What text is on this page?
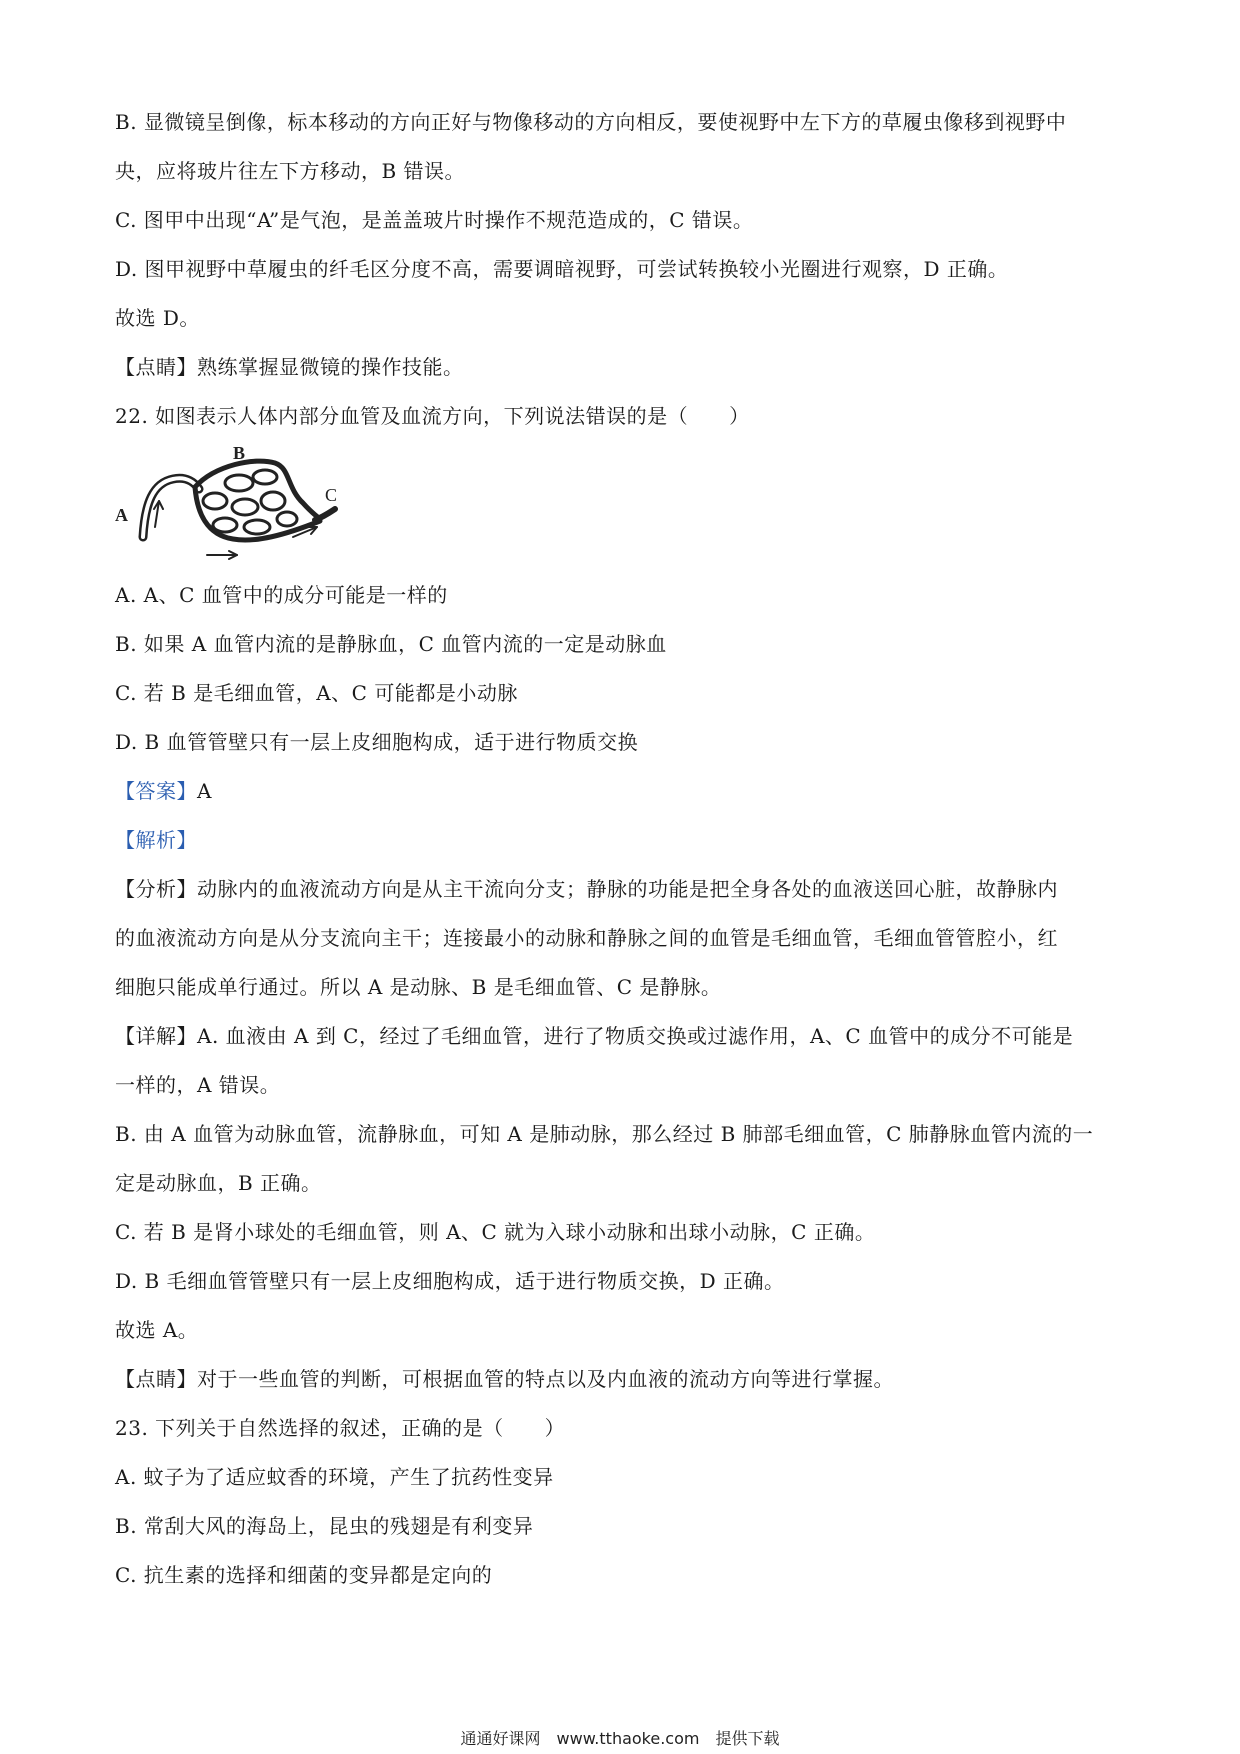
B. 显微镜呈倒像，标本移动的方向正好与物像移动的方向相反，要使视野中左下方的草履虫像移到视野中
央，应将玻片往左下方移动，B 错误。
C. 图甲中出现“A”是气泡，是盖盖玻片时操作不规范造成的，C 错误。
D. 图甲视野中草履虫的纤毛区分度不高，需要调暗视野，可尝试转换较小光圈进行观察，D 正确。
故选 D。
【点睛】熟练掌握显微镜的操作技能。
22. 如图表示人体内部分血管及血流方向，下列说法错误的是（　　）
A
B
C
A. A、C 血管中的成分可能是一样的
B. 如果 A 血管内流的是静脉血，C 血管内流的一定是动脉血
C. 若 B 是毛细血管，A、C 可能都是小动脉
D. B 血管管壁只有一层上皮细胞构成，适于进行物质交换
【答案】A
【解析】
【分析】动脉内的血液流动方向是从主干流向分支；静脉的功能是把全身各处的血液送回心脏，故静脉内
的血液流动方向是从分支流向主干；连接最小的动脉和静脉之间的血管是毛细血管，毛细血管管腔小，红
细胞只能成单行通过。所以 A 是动脉、B 是毛细血管、C 是静脉。
【详解】A. 血液由 A 到 C，经过了毛细血管，进行了物质交换或过滤作用，A、C 血管中的成分不可能是
一样的，A 错误。
B. 由 A 血管为动脉血管，流静脉血，可知 A 是肺动脉，那么经过 B 肺部毛细血管，C 肺静脉血管内流的一
定是动脉血，B 正确。
C. 若 B 是肾小球处的毛细血管，则 A、C 就为入球小动脉和出球小动脉，C 正确。
D. B 毛细血管管壁只有一层上皮细胞构成，适于进行物质交换，D 正确。
故选 A。
【点睛】对于一些血管的判断，可根据血管的特点以及内血液的流动方向等进行掌握。
23. 下列关于自然选择的叙述，正确的是（　　）
A. 蚊子为了适应蚊香的环境，产生了抗药性变异
B. 常刮大风的海岛上，昆虫的残翅是有利变异
C. 抗生素的选择和细菌的变异都是定向的
通通好课网　www.tthaoke.com　提供下载
